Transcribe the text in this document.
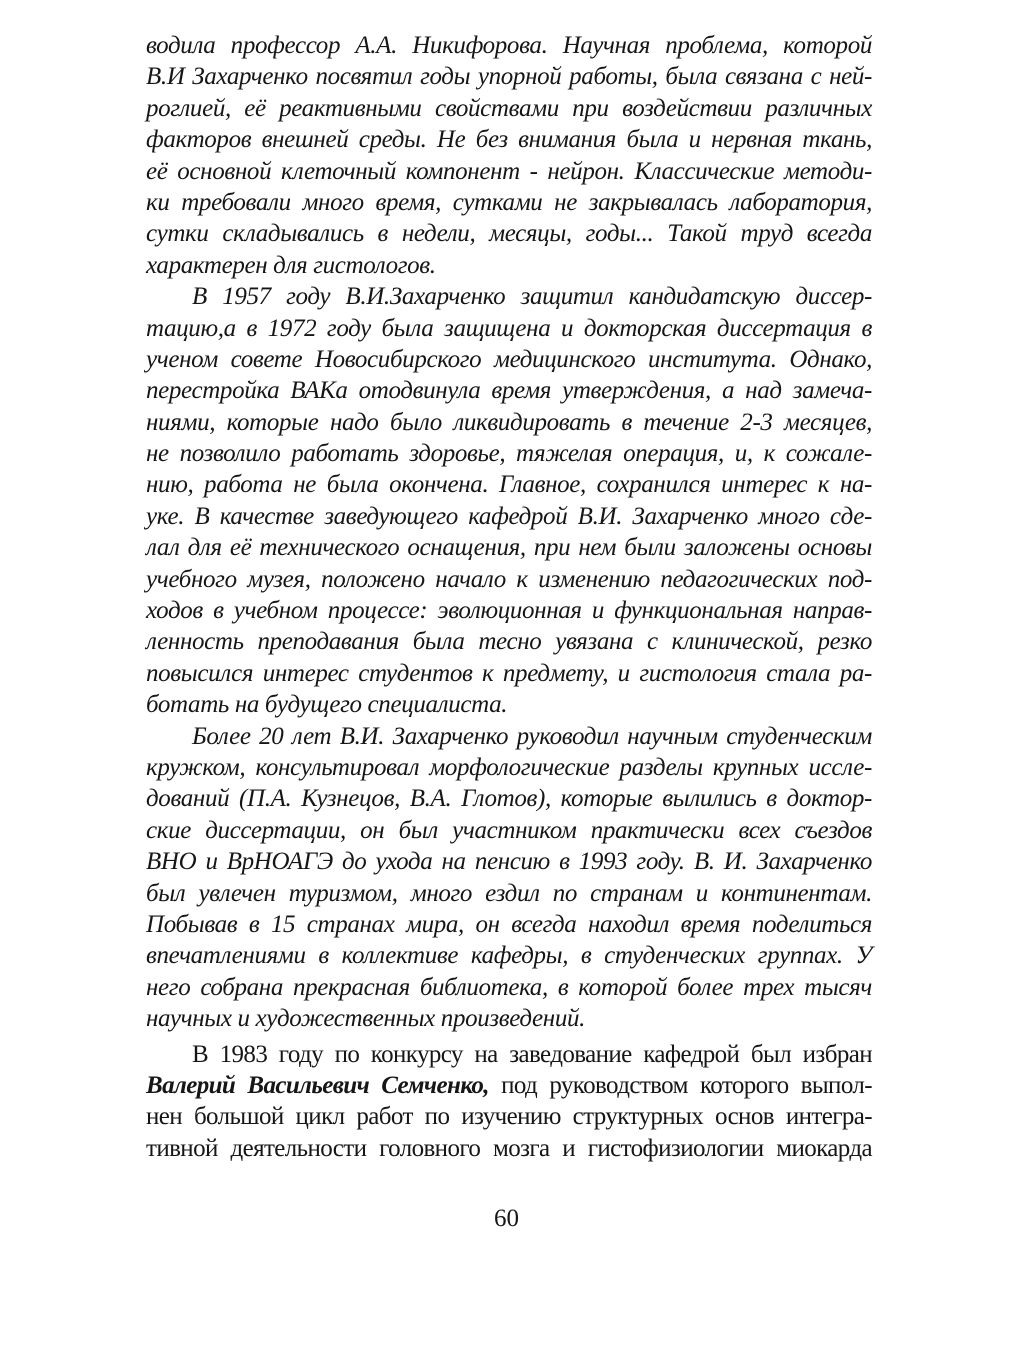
водила профессор А.А. Никифорова. Научная проблема, которой
В.И Захарченко посвятил годы упорной работы, была связана с ней-
роглией, её реактивными свойствами при воздействии различных
факторов внешней среды. Не без внимания была и нервная ткань,
её основной клеточный компонент - нейрон. Классические методи-
ки требовали много время, сутками не закрывалась лаборатория,
сутки складывались в недели, месяцы, годы... Такой труд всегда
характерен для гистологов.
В 1957 году В.И.Захарченко защитил кандидатскую диссер-
тацию,а в 1972 году была защищена и докторская диссертация в
ученом совете Новосибирского медицинского института. Однако,
перестройка ВАКа отодвинула время утверждения, а над замеча-
ниями, которые надо было ликвидировать в течение 2-3 месяцев,
не позволило работать здоровье, тяжелая операция, и, к сожале-
нию, работа не была окончена. Главное, сохранился интерес к на-
уке. В качестве заведующего кафедрой В.И. Захарченко много сде-
лал для её технического оснащения, при нем были заложены основы
учебного музея, положено начало к изменению педагогических под-
ходов в учебном процессе: эволюционная и функциональная направ-
ленность преподавания была тесно увязана с клинической, резко
повысился интерес студентов к предмету, и гистология стала ра-
ботать на будущего специалиста.
Более 20 лет В.И. Захарченко руководил научным студенческим
кружком, консультировал морфологические разделы крупных иссле-
дований (П.А. Кузнецов, В.А. Глотов), которые вылились в доктор-
ские диссертации, он был участником практически всех съездов
ВНО и ВрНОАГЭ до ухода на пенсию в 1993 году. В. И. Захарченко
был увлечен туризмом, много ездил по странам и континентам.
Побывав в 15 странах мира, он всегда находил время поделиться
впечатлениями в коллективе кафедры, в студенческих группах. У
него собрана прекрасная библиотека, в которой более трех тысяч
научных и художественных произведений.
В 1983 году по конкурсу на заведование кафедрой был избран
Валерий Васильевич Семченко, под руководством которого выпол-
нен большой цикл работ по изучению структурных основ интегра-
тивной деятельности головного мозга и гистофизиологии миокарда
60
